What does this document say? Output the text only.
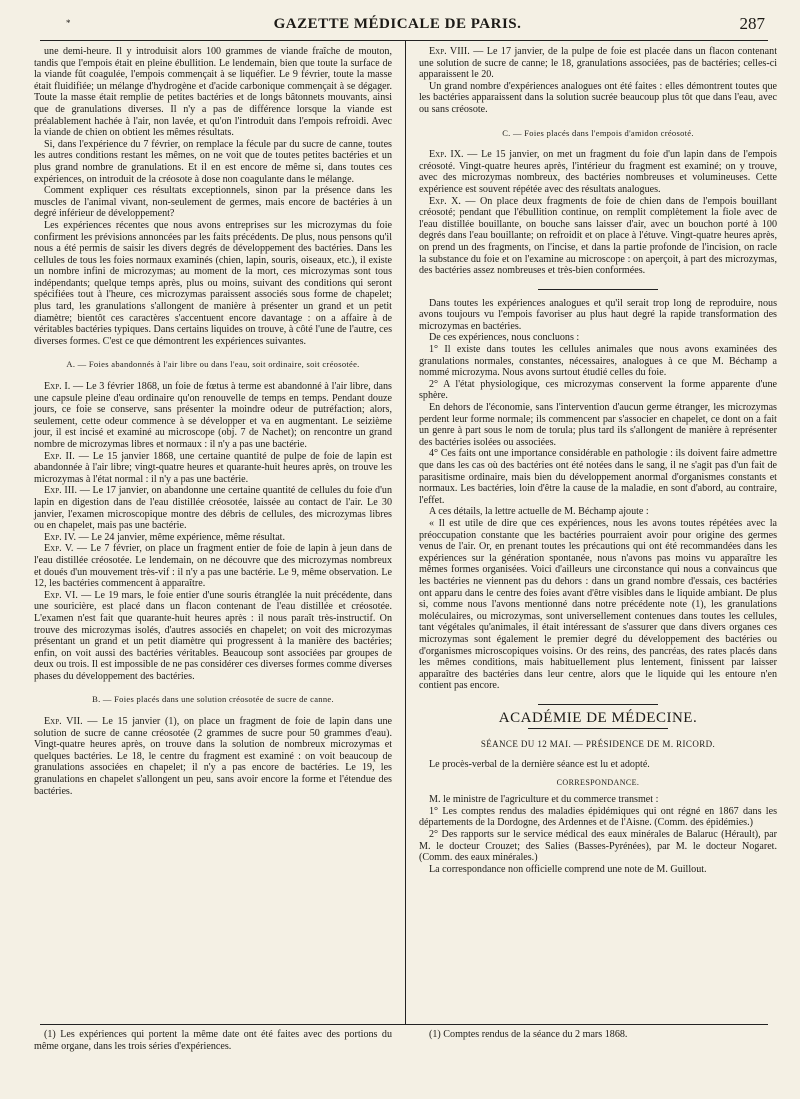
*	GAZETTE MÉDICALE DE PARIS.	287

une demi-heure. Il y introduisit alors 100 grammes de viande fraîche de mouton, tandis que l'empois était en pleine ébullition. Le lendemain, bien que toute la surface de la viande fût coagulée, l'empois commençait à se liquéfier. Le 9 février, toute la masse était fluidifiée; un mélange d'hydrogène et d'acide carbonique commençait à se dégager. Toute la masse était remplie de petites bactéries et de longs bâtonnets mouvants, ainsi que de granulations diverses. Il n'y a pas de différence lorsque la viande est préalablement hachée à l'air, non lavée, et qu'on l'introduit dans l'empois refroidi. Avec la viande de chien on obtient les mêmes résultats.

Si, dans l'expérience du 7 février, on remplace la fécule par du sucre de canne, toutes les autres conditions restant les mêmes, on ne voit que de toutes petites bactéries et un plus grand nombre de granulations. Et il en est encore de même si, dans toutes ces expériences, on introduit de la créosote à dose non coagulante dans le mélange.

Comment expliquer ces résultats exceptionnels, sinon par la présence dans les muscles de l'animal vivant, non-seulement de germes, mais encore de bactéries à un degré inférieur de développement?

Les expériences récentes que nous avons entreprises sur les microzymas du foie confirment les prévisions annoncées par les faits précédents. De plus, nous pensons qu'il nous a été permis de saisir les divers degrés de développement des bactéries. Dans les cellules de tous les foies normaux examinés (chien, lapin, souris, oiseaux, etc.), il existe un nombre infini de microzymas; au moment de la mort, ces microzymas sont tous indépendants; quelque temps après, plus ou moins, suivant des conditions qui seront spécifiées tout à l'heure, ces microzymas paraissent associés sous forme de chapelet; plus tard, les granulations s'allongent de manière à présenter un grand et un petit diamètre; bientôt ces caractères s'accentuent encore davantage : on a affaire à de véritables bactéries typiques. Dans certains liquides on trouve, à côté l'une de l'autre, ces diverses formes. C'est ce que démontrent les expériences suivantes.

A. — Foies abandonnés à l'air libre ou dans l'eau, soit ordinaire, soit créosotée.

Exp. I. — Le 3 février 1868, un foie de fœtus à terme est abandonné à l'air libre, dans une capsule pleine d'eau ordinaire qu'on renouvelle de temps en temps. Pendant douze jours, ce foie se conserve, sans présenter la moindre odeur de putréfaction; alors, seulement, cette odeur commence à se développer et va en augmentant. Le seizième jour, il est incisé et examiné au microscope (obj. 7 de Nachet); on rencontre un grand nombre de microzymas libres et normaux : il n'y a pas une bactérie.

Exp. II. — Le 15 janvier 1868, une certaine quantité de pulpe de foie de lapin est abandonnée à l'air libre; vingt-quatre heures et quarante-huit heures après, on trouve les microzymas à l'état normal : il n'y a pas une bactérie.

Exp. III. — Le 17 janvier, on abandonne une certaine quantité de cellules du foie d'un lapin en digestion dans de l'eau distillée créosotée, laissée au contact de l'air. Le 30 janvier, l'examen microscopique montre des débris de cellules, des microzymas libres ou en chapelet, mais pas une bactérie.

Exp. IV. — Le 24 janvier, même expérience, même résultat.

Exp. V. — Le 7 février, on place un fragment entier de foie de lapin à jeun dans de l'eau distillée créosotée. Le lendemain, on ne découvre que des microzymas nombreux et doués d'un mouvement très-vif : il n'y a pas une bactérie. Le 9, même observation. Le 12, les bactéries commencent à apparaître.

Exp. VI. — Le 19 mars, le foie entier d'une souris étranglée la nuit précédente, dans une souricière, est placé dans un flacon contenant de l'eau distillée et créosotée. L'examen n'est fait que quarante-huit heures après : il nous paraît très-instructif. On trouve des microzymas isolés, d'autres associés en chapelet; on voit des microzymas présentant un grand et un petit diamètre qui progressent à la manière des bactéries; enfin, on voit aussi des bactéries véritables. Beaucoup sont associées par groupes de deux ou trois. Il est impossible de ne pas considérer ces diverses formes comme diverses phases du développement des bactéries.

B. — Foies placés dans une solution créosotée de sucre de canne.

Exp. VII. — Le 15 janvier (1), on place un fragment de foie de lapin dans une solution de sucre de canne créosotée (2 grammes de sucre pour 50 grammes d'eau). Vingt-quatre heures après, on trouve dans la solution de nombreux microzymas et quelques bactéries. Le 18, le centre du fragment est examiné : on voit beaucoup de granulations associées en chapelet; il n'y a pas encore de bactéries. Le 19, les granulations en chapelet s'allongent un peu, sans avoir encore la forme et l'étendue des bactéries.

Exp. VIII. — Le 17 janvier, de la pulpe de foie est placée dans un flacon contenant une solution de sucre de canne; le 18, granulations associées, pas de bactéries; celles-ci apparaissent le 20.

Un grand nombre d'expériences analogues ont été faites : elles démontrent toutes que les bactéries apparaissent dans la solution sucrée beaucoup plus tôt que dans l'eau, avec ou sans créosote.

C. — Foies placés dans l'empois d'amidon créosoté.

Exp. IX. — Le 15 janvier, on met un fragment du foie d'un lapin dans de l'empois créosoté. Vingt-quatre heures après, l'intérieur du fragment est examiné; on y trouve, avec des microzymas nombreux, des bactéries nombreuses et volumineuses. Cette expérience est souvent répétée avec des résultats analogues.

Exp. X. — On place deux fragments de foie de chien dans de l'empois bouillant créosoté; pendant que l'ébullition continue, on remplit complètement la fiole avec de l'eau distillée bouillante, on bouche sans laisser d'air, avec un bouchon porté à 100 degrés dans l'eau bouillante; on refroidit et on place à l'étuve. Vingt-quatre heures après, on prend un des fragments, on l'incise, et dans la partie profonde de l'incision, on racle la substance du foie et on l'examine au microscope : on aperçoit, à part des microzymas, des bactéries assez nombreuses et très-bien conformées.

Dans toutes les expériences analogues et qu'il serait trop long de reproduire, nous avons toujours vu l'empois favoriser au plus haut degré la rapide transformation des microzymas en bactéries.

De ces expériences, nous concluons :

1° Il existe dans toutes les cellules animales que nous avons examinées des granulations normales, constantes, nécessaires, analogues à ce que M. Béchamp a nommé microzyma. Nous avons surtout étudié celles du foie.

2° A l'état physiologique, ces microzymas conservent la forme apparente d'une sphère.

En dehors de l'économie, sans l'intervention d'aucun germe étranger, les microzymas perdent leur forme normale; ils commencent par s'associer en chapelet, ce dont on a fait un genre à part sous le nom de torula; plus tard ils s'allongent de manière à représenter des bactéries isolées ou associées.

4° Ces faits ont une importance considérable en pathologie : ils doivent faire admettre que dans les cas où des bactéries ont été notées dans le sang, il ne s'agit pas d'un fait de parasitisme ordinaire, mais bien du développement anormal d'organismes constants et normaux. Les bactéries, loin d'être la cause de la maladie, en sont d'abord, au contraire, l'effet.

A ces détails, la lettre actuelle de M. Béchamp ajoute :

« Il est utile de dire que ces expériences, nous les avons toutes répétées avec la préoccupation constante que les bactéries pourraient avoir pour origine des germes venus de l'air. Or, en prenant toutes les précautions qui ont été recommandées dans les expériences sur la génération spontanée, nous n'avons pas moins vu apparaître les mêmes formes organisées. Voici d'ailleurs une circonstance qui nous a convaincus que les bactéries ne viennent pas du dehors : dans un grand nombre d'essais, ces bactéries ont apparu dans le centre des foies avant d'être visibles dans le liquide ambiant. De plus si, comme nous l'avons mentionné dans notre précédente note (1), les granulations moléculaires, ou microzymas, sont universellement contenues dans toutes les cellules, tant végétales qu'animales, il était intéressant de s'assurer que dans divers organes ces microzymas sont également le premier degré du développement des bactéries ou d'organismes microscopiques voisins. Or des reins, des pancréas, des rates placés dans les mêmes conditions, mais habituellement plus lentement, finissent par laisser apparaître des bactéries dans leur centre, alors que le liquide qui les entoure n'en contient pas encore.

ACADÉMIE DE MÉDECINE.
SÉANCE DU 12 MAI. — PRÉSIDENCE DE M. RICORD.

Le procès-verbal de la dernière séance est lu et adopté.

CORRESPONDANCE.

M. le ministre de l'agriculture et du commerce transmet :

1° Les comptes rendus des maladies épidémiques qui ont régné en 1867 dans les départements de la Dordogne, des Ardennes et de l'Aisne. (Comm. des épidémies.)

2° Des rapports sur le service médical des eaux minérales de Balaruc (Hérault), par M. le docteur Crouzet; des Salies (Basses-Pyrénées), par M. le docteur Nogaret. (Comm. des eaux minérales.)

La correspondance non officielle comprend une note de M. Guillout.

(1) Les expériences qui portent la même date ont été faites avec des portions du même organe, dans les trois séries d'expériences.

(1) Comptes rendus de la séance du 2 mars 1868.
